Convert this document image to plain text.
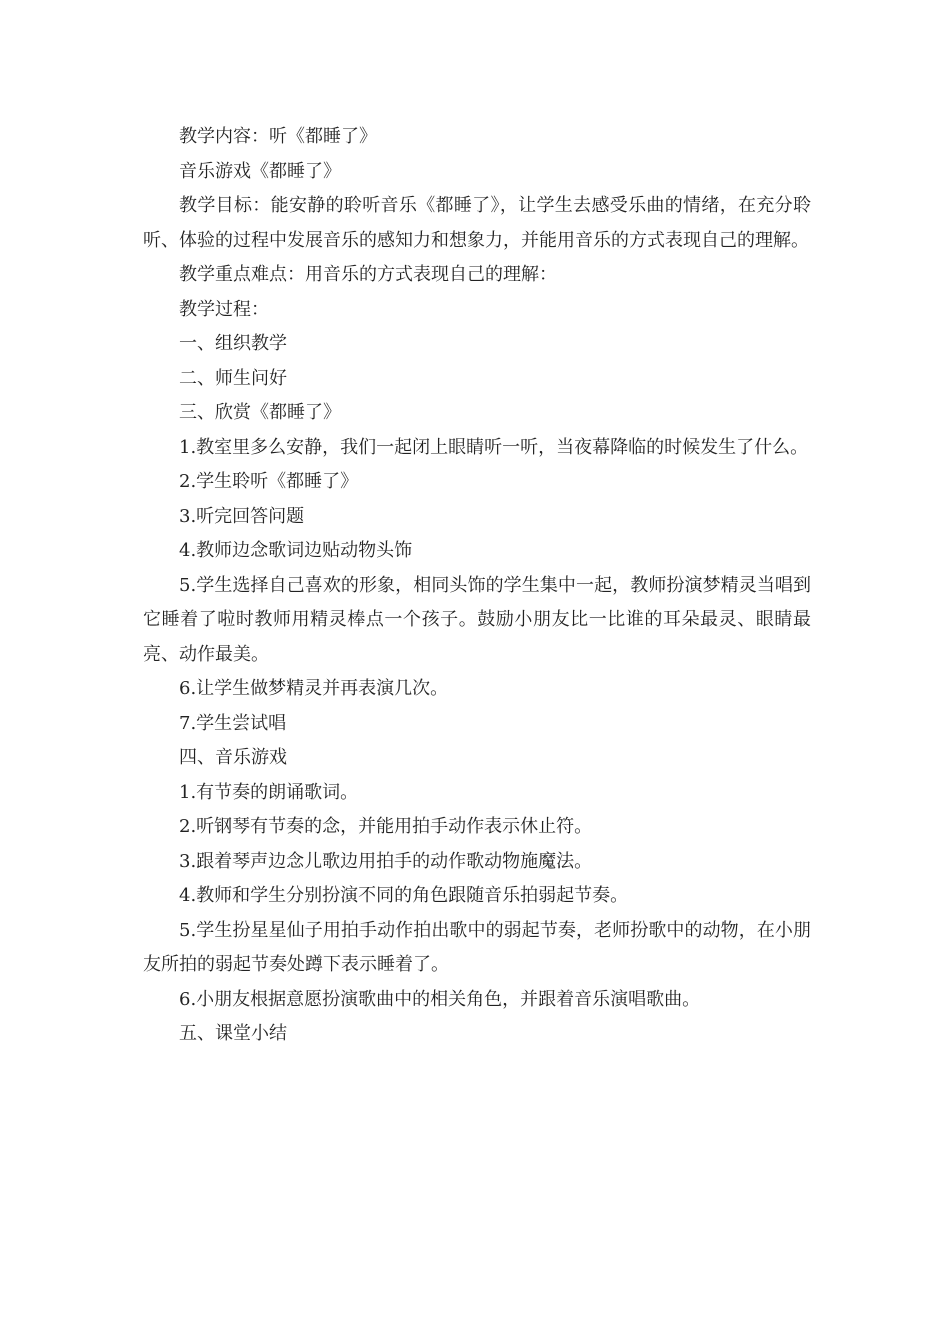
教学内容：听《都睡了》

音乐游戏《都睡了》

教学目标：能安静的聆听音乐《都睡了》，让学生去感受乐曲的情绪，在充分聆听、体验的过程中发展音乐的感知力和想象力，并能用音乐的方式表现自己的理解。

教学重点难点：用音乐的方式表现自己的理解：

教学过程：

一、组织教学

二、师生问好

三、欣赏《都睡了》

1.教室里多么安静，我们一起闭上眼睛听一听，当夜幕降临的时候发生了什么。

2.学生聆听《都睡了》

3.听完回答问题

4.教师边念歌词边贴动物头饰

5.学生选择自己喜欢的形象，相同头饰的学生集中一起，教师扮演梦精灵当唱到它睡着了啦时教师用精灵棒点一个孩子。鼓励小朋友比一比谁的耳朵最灵、眼睛最亮、动作最美。

6.让学生做梦精灵并再表演几次。

7.学生尝试唱

四、音乐游戏

1.有节奏的朗诵歌词。

2.听钢琴有节奏的念，并能用拍手动作表示休止符。

3.跟着琴声边念儿歌边用拍手的动作歌动物施魔法。

4.教师和学生分别扮演不同的角色跟随音乐拍弱起节奏。

5.学生扮星星仙子用拍手动作拍出歌中的弱起节奏，老师扮歌中的动物，在小朋友所拍的弱起节奏处蹲下表示睡着了。

6.小朋友根据意愿扮演歌曲中的相关角色，并跟着音乐演唱歌曲。

五、课堂小结
